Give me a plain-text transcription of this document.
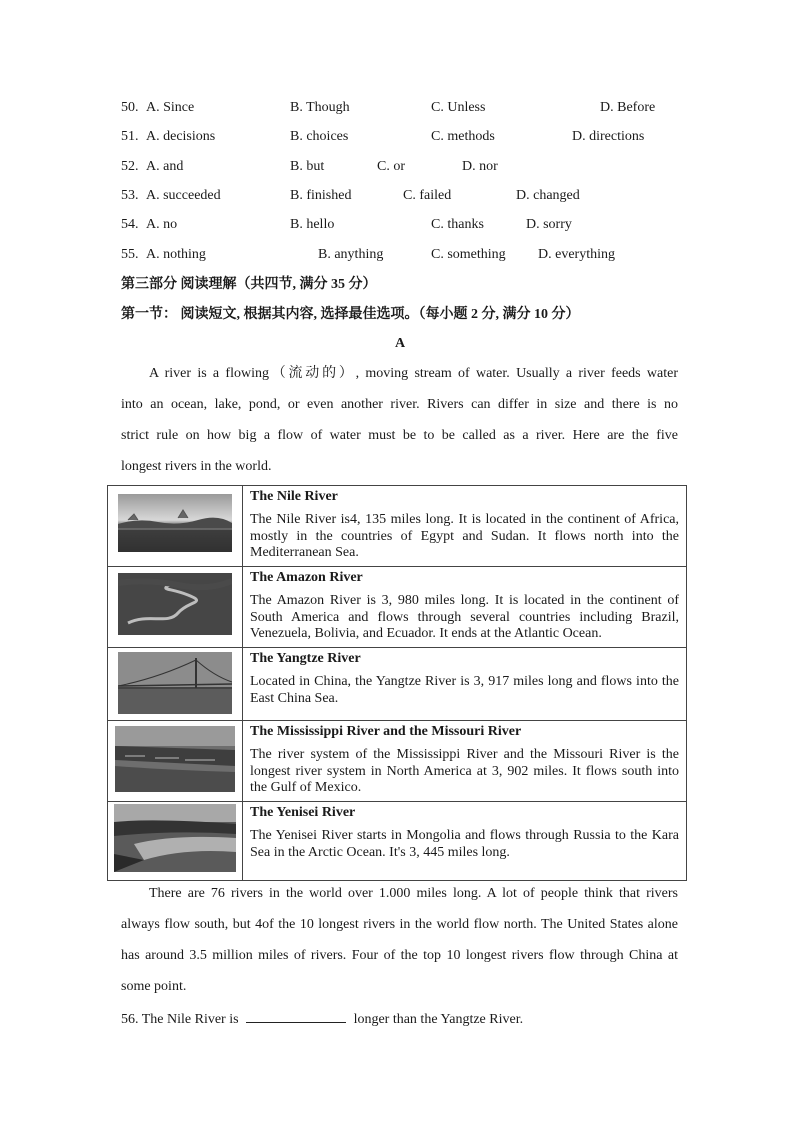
50. A. Since	B. Though	C. Unless	D. Before
51. A. decisions	B. choices	C. methods	D. directions
52. A. and	B. but	C. or	D. nor
53. A. succeeded	B. finished	C. failed	D. changed
54. A. no	B. hello	C. thanks	D. sorry
55. A. nothing	B. anything	C. something D. everything
第三部分 阅读理解（共四节, 满分 35 分）
第一节： 阅读短文, 根据其内容, 选择最佳选项。（每小题 2 分, 满分 10 分）
A
A river is a flowing（流动的）, moving stream of water. Usually a river feeds water
into an ocean, lake, pond, or even another river. Rivers can differ in size and there is no
strict rule on how big a flow of water must be to be called as a river. Here are the five
longest rivers in the world.

The Nile River
The Nile River is4, 135 miles long. It is located in the continent of Africa, mostly in the countries of Egypt and Sudan. It flows north into the Mediterranean Sea.

The Amazon River
The Amazon River is 3, 980 miles long. It is located in the continent of South America and flows through several countries including Brazil, Venezuela, Bolivia, and Ecuador. It ends at the Atlantic Ocean.

The Yangtze River
Located in China, the Yangtze River is 3, 917 miles long and flows into the East China Sea.

The Mississippi River and the Missouri River
The river system of the Mississippi River and the Missouri River is the longest river system in North America at 3, 902 miles. It flows south into the Gulf of Mexico.

The Yenisei River
The Yenisei River starts in Mongolia and flows through Russia to the Kara Sea in the Arctic Ocean. It's 3, 445 miles long.
There are 76 rivers in the world over 1.000 miles long. A lot of people think that rivers
always flow south, but 4of the 10 longest rivers in the world flow north. The United States alone
has around 3.5 million miles of rivers. Four of the top 10 longest rivers flow through China at
some point.
56. The Nile River is	longer than the Yangtze River.
